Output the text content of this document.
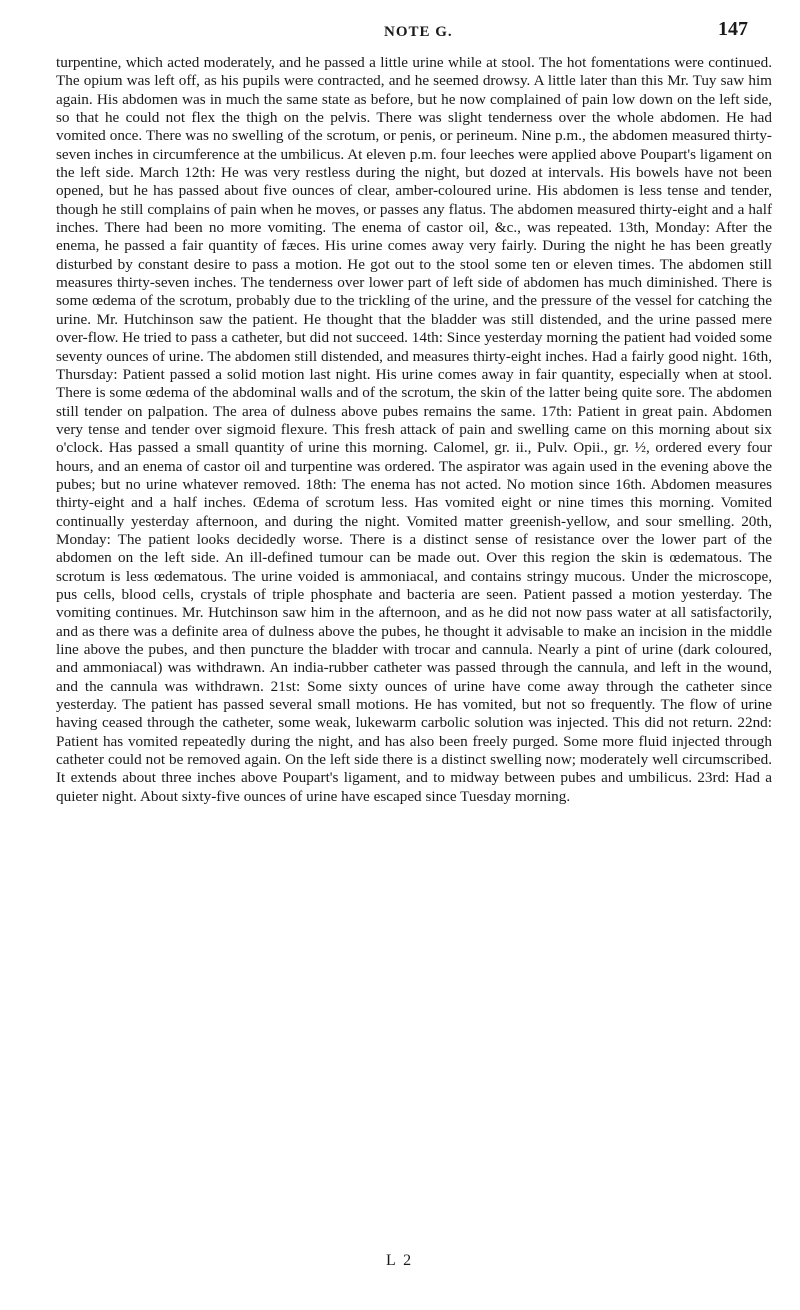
NOTE G.	147

turpentine, which acted moderately, and he passed a little urine while at stool. The hot fomentations were continued. The opium was left off, as his pupils were contracted, and he seemed drowsy. A little later than this Mr. Tuy saw him again. His abdomen was in much the same state as before, but he now complained of pain low down on the left side, so that he could not flex the thigh on the pelvis. There was slight tenderness over the whole abdomen. He had vomited once. There was no swelling of the scrotum, or penis, or perineum. Nine p.m., the abdomen measured thirty-seven inches in circumference at the umbilicus. At eleven p.m. four leeches were applied above Poupart's ligament on the left side. March 12th: He was very restless during the night, but dozed at intervals. His bowels have not been opened, but he has passed about five ounces of clear, amber-coloured urine. His abdomen is less tense and tender, though he still complains of pain when he moves, or passes any flatus. The abdomen measured thirty-eight and a half inches. There had been no more vomiting. The enema of castor oil, &c., was repeated. 13th, Monday: After the enema, he passed a fair quantity of fæces. His urine comes away very fairly. During the night he has been greatly disturbed by constant desire to pass a motion. He got out to the stool some ten or eleven times. The abdomen still measures thirty-seven inches. The tenderness over lower part of left side of abdomen has much diminished. There is some œdema of the scrotum, probably due to the trickling of the urine, and the pressure of the vessel for catching the urine. Mr. Hutchinson saw the patient. He thought that the bladder was still distended, and the urine passed mere over-flow. He tried to pass a catheter, but did not succeed. 14th: Since yesterday morning the patient had voided some seventy ounces of urine. The abdomen still distended, and measures thirty-eight inches. Had a fairly good night. 16th, Thursday: Patient passed a solid motion last night. His urine comes away in fair quantity, especially when at stool. There is some œdema of the abdominal walls and of the scrotum, the skin of the latter being quite sore. The abdomen still tender on palpation. The area of dulness above pubes remains the same. 17th: Patient in great pain. Abdomen very tense and tender over sigmoid flexure. This fresh attack of pain and swelling came on this morning about six o'clock. Has passed a small quantity of urine this morning. Calomel, gr. ii., Pulv. Opii., gr. ½, ordered every four hours, and an enema of castor oil and turpentine was ordered. The aspirator was again used in the evening above the pubes; but no urine whatever removed. 18th: The enema has not acted. No motion since 16th. Abdomen measures thirty-eight and a half inches. Œdema of scrotum less. Has vomited eight or nine times this morning. Vomited continually yesterday afternoon, and during the night. Vomited matter greenish-yellow, and sour smelling. 20th, Monday: The patient looks decidedly worse. There is a distinct sense of resistance over the lower part of the abdomen on the left side. An ill-defined tumour can be made out. Over this region the skin is œdematous. The scrotum is less œdematous. The urine voided is ammoniacal, and contains stringy mucous. Under the microscope, pus cells, blood cells, crystals of triple phosphate and bacteria are seen. Patient passed a motion yesterday. The vomiting continues. Mr. Hutchinson saw him in the afternoon, and as he did not now pass water at all satisfactorily, and as there was a definite area of dulness above the pubes, he thought it advisable to make an incision in the middle line above the pubes, and then puncture the bladder with trocar and cannula. Nearly a pint of urine (dark coloured, and ammoniacal) was withdrawn. An india-rubber catheter was passed through the cannula, and left in the wound, and the cannula was withdrawn. 21st: Some sixty ounces of urine have come away through the catheter since yesterday. The patient has passed several small motions. He has vomited, but not so frequently. The flow of urine having ceased through the catheter, some weak, lukewarm carbolic solution was injected. This did not return. 22nd: Patient has vomited repeatedly during the night, and has also been freely purged. Some more fluid injected through catheter could not be removed again. On the left side there is a distinct swelling now; moderately well circumscribed. It extends about three inches above Poupart's ligament, and to midway between pubes and umbilicus. 23rd: Had a quieter night. About sixty-five ounces of urine have escaped since Tuesday morning.

L 2
